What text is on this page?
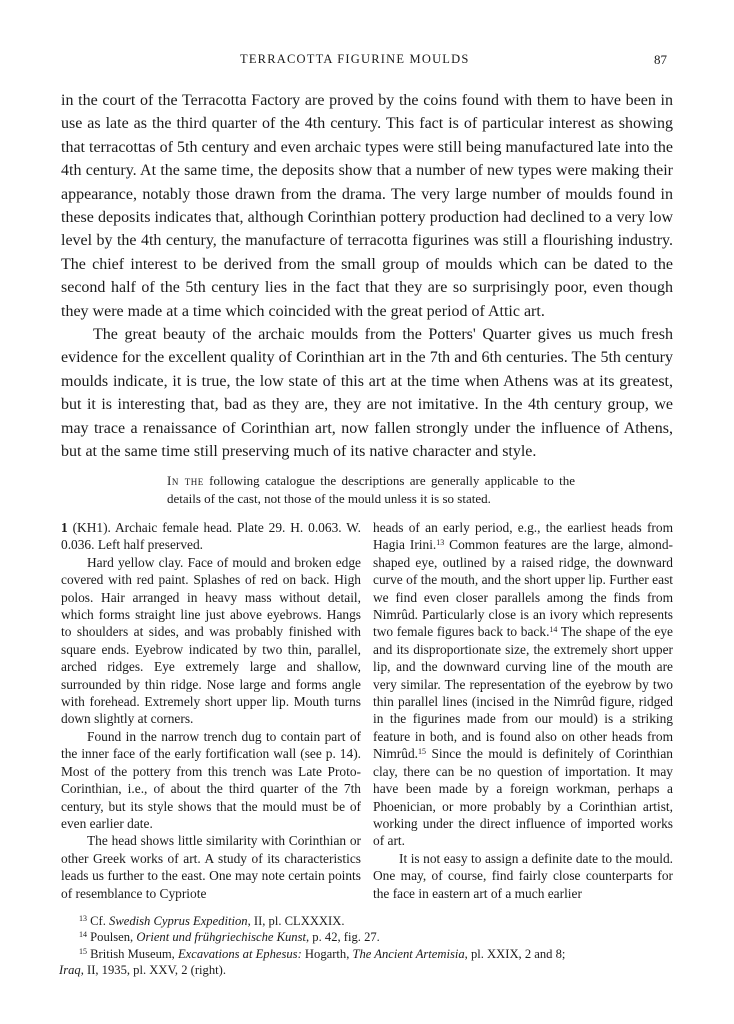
TERRACOTTA FIGURINE MOULDS	87

in the court of the Terracotta Factory are proved by the coins found with them to have been in use as late as the third quarter of the 4th century. This fact is of particular interest as showing that terracottas of 5th century and even archaic types were still being manufactured late into the 4th century. At the same time, the deposits show that a number of new types were making their appearance, notably those drawn from the drama. The very large number of moulds found in these deposits indicates that, although Corinthian pottery production had declined to a very low level by the 4th century, the manufacture of terracotta figurines was still a flourishing industry. The chief interest to be derived from the small group of moulds which can be dated to the second half of the 5th century lies in the fact that they are so surprisingly poor, even though they were made at a time which coincided with the great period of Attic art.

The great beauty of the archaic moulds from the Potters' Quarter gives us much fresh evidence for the excellent quality of Corinthian art in the 7th and 6th centuries. The 5th century moulds indicate, it is true, the low state of this art at the time when Athens was at its greatest, but it is interesting that, bad as they are, they are not imitative. In the 4th century group, we may trace a renaissance of Corinthian art, now fallen strongly under the influence of Athens, but at the same time still preserving much of its native character and style.

In the following catalogue the descriptions are generally applicable to the details of the cast, not those of the mould unless it is so stated.

1 (KH1). Archaic female head. Plate 29. H. 0.063. W. 0.036. Left half preserved.

Hard yellow clay. Face of mould and broken edge covered with red paint. Splashes of red on back. High polos. Hair arranged in heavy mass without detail, which forms straight line just above eyebrows. Hangs to shoulders at sides, and was probably finished with square ends. Eyebrow indicated by two thin, parallel, arched ridges. Eye extremely large and shallow, surrounded by thin ridge. Nose large and forms angle with forehead. Extremely short upper lip. Mouth turns down slightly at corners.

Found in the narrow trench dug to contain part of the inner face of the early fortification wall (see p. 14). Most of the pottery from this trench was Late Proto-Corinthian, i.e., of about the third quarter of the 7th century, but its style shows that the mould must be of even earlier date.

The head shows little similarity with Corinthian or other Greek works of art. A study of its characteristics leads us further to the east. One may note certain points of resemblance to Cypriote

heads of an early period, e.g., the earliest heads from Hagia Irini.$^{13}$ Common features are the large, almond-shaped eye, outlined by a raised ridge, the downward curve of the mouth, and the short upper lip. Further east we find even closer parallels among the finds from Nimrûd. Particularly close is an ivory which represents two female figures back to back.$^{14}$ The shape of the eye and its disproportionate size, the extremely short upper lip, and the downward curving line of the mouth are very similar. The representation of the eyebrow by two thin parallel lines (incised in the Nimrûd figure, ridged in the figurines made from our mould) is a striking feature in both, and is found also on other heads from Nimrûd.$^{15}$ Since the mould is definitely of Corinthian clay, there can be no question of importation. It may have been made by a foreign workman, perhaps a Phoenician, or more probably by a Corinthian artist, working under the direct influence of imported works of art.

It is not easy to assign a definite date to the mould. One may, of course, find fairly close counterparts for the face in eastern art of a much earlier

$^{13}$ Cf. Swedish Cyprus Expedition, II, pl. CLXXXIX.

$^{14}$ Poulsen, Orient und frühgriechische Kunst, p. 42, fig. 27.

$^{15}$ British Museum, Excavations at Ephesus: Hogarth, The Ancient Artemisia, pl. XXIX, 2 and 8;

Iraq, II, 1935, pl. XXV, 2 (right).
